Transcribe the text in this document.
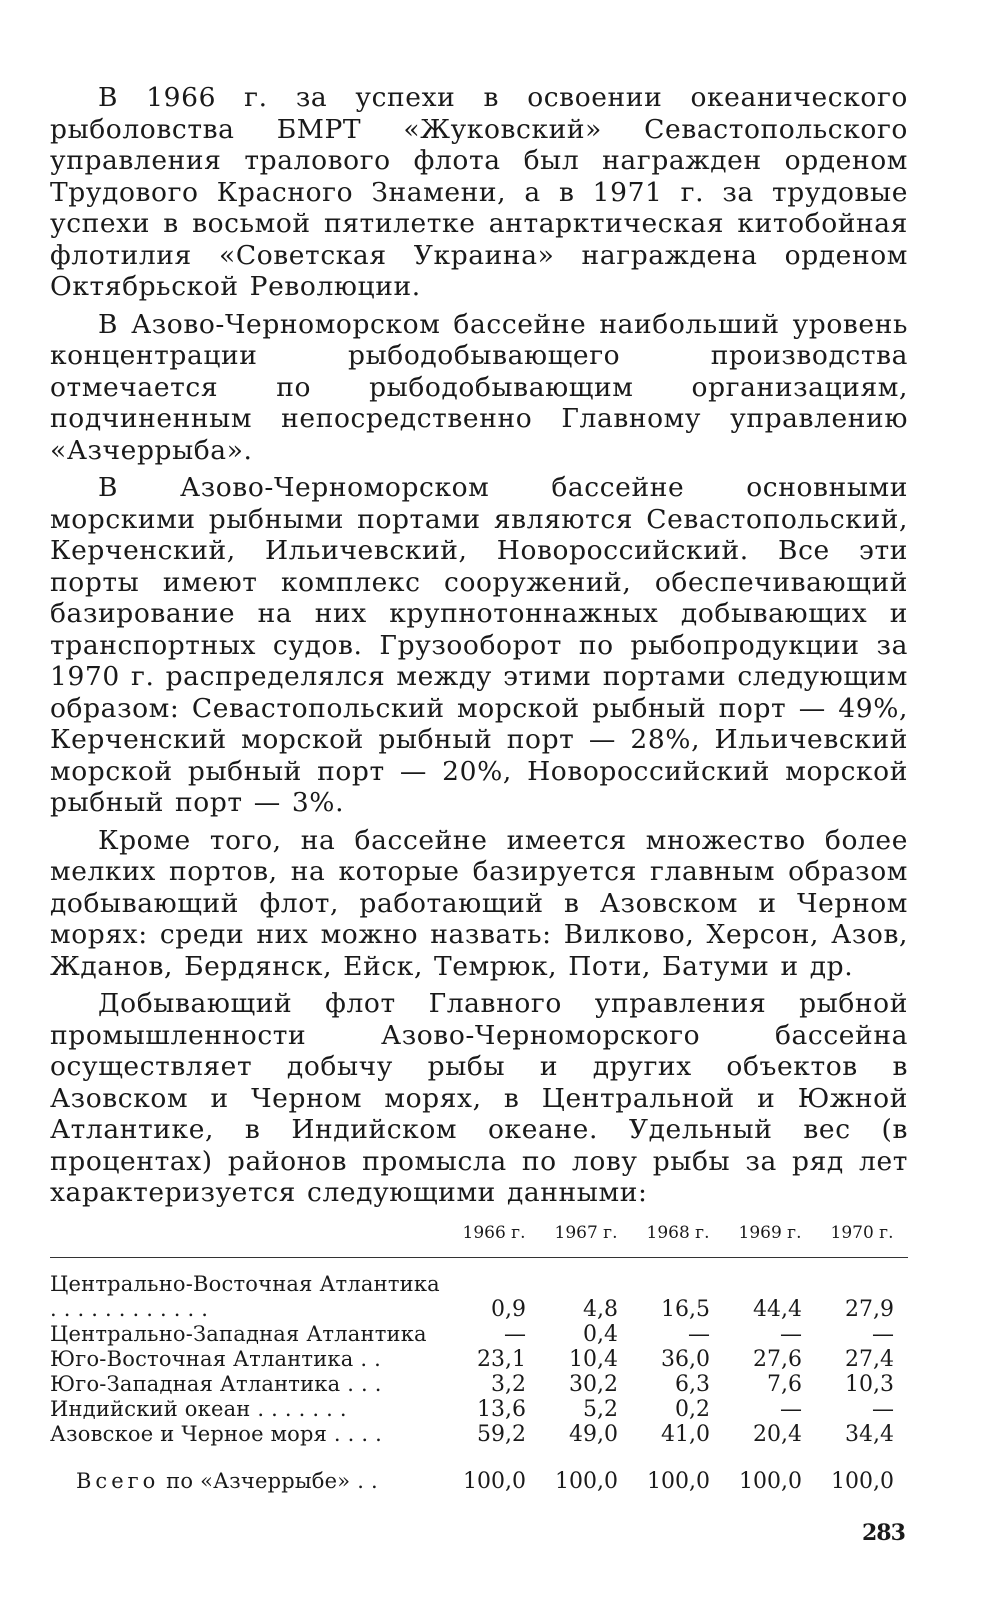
В 1966 г. за успехи в освоении океанического рыболовства БМРТ «Жуковский» Севастопольского управления тралового флота был награжден орденом Трудового Красного Знамени, а в 1971 г. за трудовые успехи в восьмой пятилетке антарктическая китобойная флотилия «Советская Украина» награждена орденом Октябрьской Революции.

В Азово-Черноморском бассейне наибольший уровень концентрации рыбодобывающего производства отмечается по рыбодобывающим организациям, подчиненным непосредственно Главному управлению «Азчеррыба».

В Азово-Черноморском бассейне основными морскими рыбными портами являются Севастопольский, Керченский, Ильичевский, Новороссийский. Все эти порты имеют комплекс сооружений, обеспечивающий базирование на них крупнотоннажных добывающих и транспортных судов. Грузооборот по рыбопродукции за 1970 г. распределялся между этими портами следующим образом: Севастопольский морской рыбный порт — 49%, Керченский морской рыбный порт — 28%, Ильичевский морской рыбный порт — 20%, Новороссийский морской рыбный порт — 3%.

Кроме того, на бассейне имеется множество более мелких портов, на которые базируется главным образом добывающий флот, работающий в Азовском и Черном морях: среди них можно назвать: Вилково, Херсон, Азов, Жданов, Бердянск, Ейск, Темрюк, Поти, Батуми и др.

Добывающий флот Главного управления рыбной промышленности Азово-Черноморского бассейна осуществляет добычу рыбы и других объектов в Азовском и Черном морях, в Центральной и Южной Атлантике, в Индийском океане. Удельный вес (в процентах) районов промысла по лову рыбы за ряд лет характеризуется следующими данными:

	1966 г.	1967 г.	1968 г.	1969 г.	1970 г.
Центрально-Восточная Атлантика . . . . . . . . . . . .	0,9	4,8	16,5	44,4	27,9
Центрально-Западная Атлантика	—	0,4	—	—	—
Юго-Восточная Атлантика . .	23,1	10,4	36,0	27,6	27,4
Юго-Западная Атлантика . . .	3,2	30,2	6,3	7,6	10,3
Индийский океан . . . . . . .	13,6	5,2	0,2	—	—
Азовское и Черное моря . . . .	59,2	49,0	41,0	20,4	34,4
Всего по «Азчеррыбе» . .	100,0	100,0	100,0	100,0	100,0
283
